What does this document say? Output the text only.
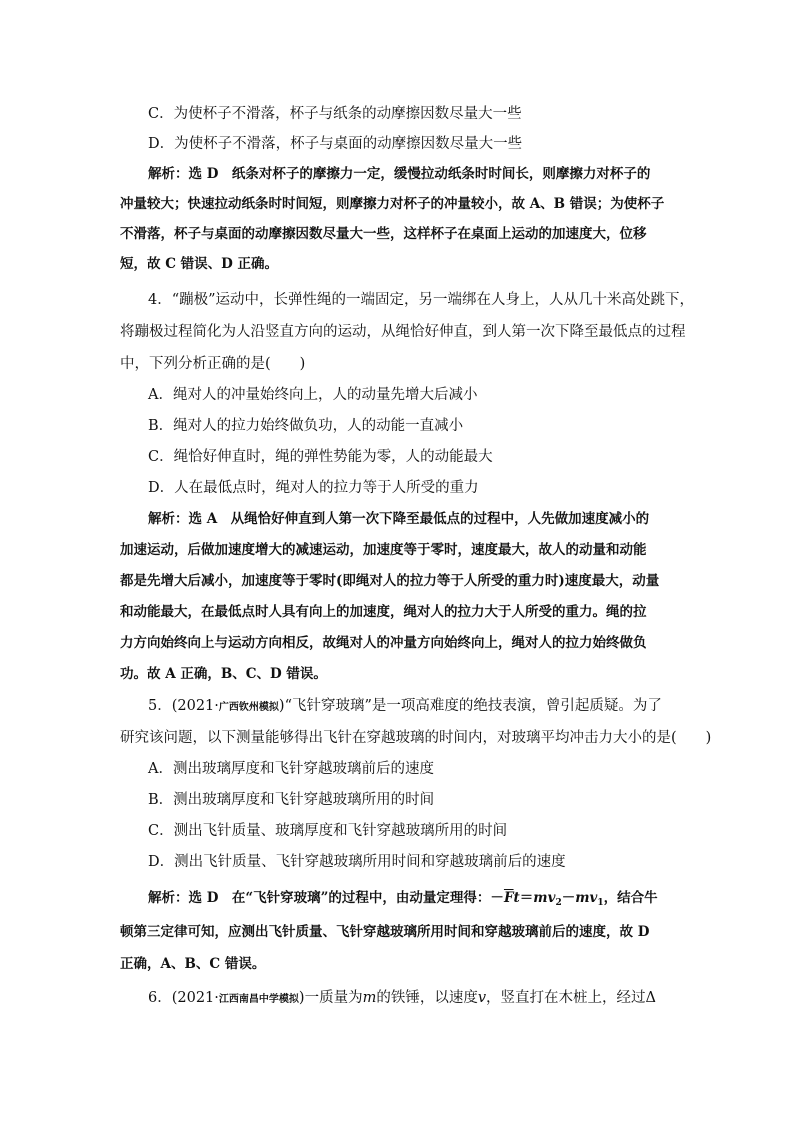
C．为使杯子不滑落，杯子与纸条的动摩擦因数尽量大一些
D．为使杯子不滑落，杯子与桌面的动摩擦因数尽量大一些
解析：选 D　纸条对杯子的摩擦力一定，缓慢拉动纸条时时间长，则摩擦力对杯子的
冲量较大；快速拉动纸条时时间短，则摩擦力对杯子的冲量较小，故 A、B 错误；为使杯子
不滑落，杯子与桌面的动摩擦因数尽量大一些，这样杯子在桌面上运动的加速度大，位移
短，故 C 错误、D 正确。
4．“蹦极”运动中，长弹性绳的一端固定，另一端绑在人身上，人从几十米高处跳下，
将蹦极过程简化为人沿竖直方向的运动，从绳恰好伸直，到人第一次下降至最低点的过程
中，下列分析正确的是(　　)
A．绳对人的冲量始终向上，人的动量先增大后减小
B．绳对人的拉力始终做负功，人的动能一直减小
C．绳恰好伸直时，绳的弹性势能为零，人的动能最大
D．人在最低点时，绳对人的拉力等于人所受的重力
解析：选 A　从绳恰好伸直到人第一次下降至最低点的过程中，人先做加速度减小的
加速运动，后做加速度增大的减速运动，加速度等于零时，速度最大，故人的动量和动能
都是先增大后减小，加速度等于零时(即绳对人的拉力等于人所受的重力时)速度最大，动量
和动能最大，在最低点时人具有向上的加速度，绳对人的拉力大于人所受的重力。绳的拉
力方向始终向上与运动方向相反，故绳对人的冲量方向始终向上，绳对人的拉力始终做负
功。故 A 正确，B、C、D 错误。
5．(2021·广西钦州模拟)“飞针穿玻璃”是一项高难度的绝技表演，曾引起质疑。为了
研究该问题，以下测量能够得出飞针在穿越玻璃的时间内，对玻璃平均冲击力大小的是(　　)
A．测出玻璃厚度和飞针穿越玻璃前后的速度
B．测出玻璃厚度和飞针穿越玻璃所用的时间
C．测出飞针质量、玻璃厚度和飞针穿越玻璃所用的时间
D．测出飞针质量、飞针穿越玻璃所用时间和穿越玻璃前后的速度
解析：选 D　在“飞针穿玻璃”的过程中，由动量定理得：$-\overline{F}t=mv_2-mv_1$，结合牛
顿第三定律可知，应测出飞针质量、飞针穿越玻璃所用时间和穿越玻璃前后的速度，故 D
正确，A、B、C 错误。
6．(2021·江西南昌中学模拟)一质量为m的铁锤，以速度v，竖直打在木桩上，经过Δ
